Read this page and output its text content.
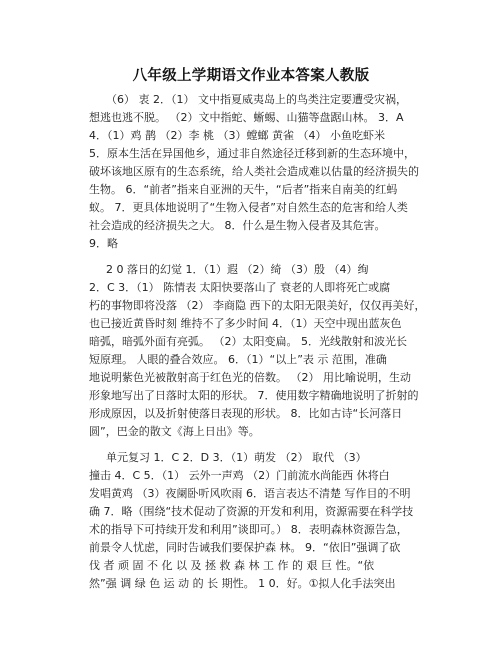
八年级上学期语文作业本答案人教版
（6） 衷 2．（1） 文中指夏威夷岛上的鸟类注定要遭受灾祸，
想逃也逃不脱。 （2）文中指蛇、蜥蜴、山猫等盘踞山林。 3．A
4．（1）鸡 鹊 （2）李 桃 （3）螳螂 黄雀 （4） 小鱼吃虾米
5．原本生活在异国他乡，通过非自然途径迁移到新的生态环境中，
破坏该地区原有的生态系统，给人类社会造成难以估量的经济损失的
生物。 6．“前者”指来自亚洲的天牛，“后者”指来自南美的红蚂
蚁。 7．更具体地说明了“生物入侵者”对自然生态的危害和给人类
社会造成的经济损失之大。 8．什么是生物入侵者及其危害。
9．略
2 0 落日的幻觉 1．（1）遐 （2）绮 （3）殷 （4）绚
2．C 3．（1） 陈情表 太阳快要落山了 衰老的人即将死亡或腐
朽的事物即将没落 （2） 李商隐 西下的太阳无限美好，仅仅再美好，
也已接近黄昏时刻 维持不了多少时间 4．（1）天空中现出蓝灰色
暗弧，暗弧外面有亮弧。 （2）太阳变扁。 5．光线散射和波光长
短原理。 人眼的叠合效应。 6．（1）“以上”表 示 范围，准确
地说明紫色光被散射高于红色光的倍数。 （2） 用比喻说明，生动
形象地写出了日落时太阳的形状。 7．使用数字精确地说明了折射的
形成原因，以及折射使落日表现的形状。 8．比如古诗“长河落日
圆”，巴金的散文《海上日出》等。
单元复习 1．C 2．D 3．（1）萌发 （2） 取代 （3）
撞击 4．C 5．（1） 云外一声鸡 （2）门前流水尚能西 休将白
发唱黄鸡 （3）夜阑卧听风吹雨 6．语言表达不清楚 写作目的不明
确 7．略（围绕“技术促动了资源的开发和利用，资源需要在科学技
术的指导下可持续开发和利用”谈即可。） 8．表明森林资源告急，
前景令人忧虑，同时告诫我们要保护森 林。 9．“依旧”强调了砍
伐 者 顽 固 不 化 以 及 拯 救 森 林 工 作 的 艰 巨 性。“依
然”强 调 绿 色 运 动 的 长 期性。 1 0．好。①拟人化手法突出
